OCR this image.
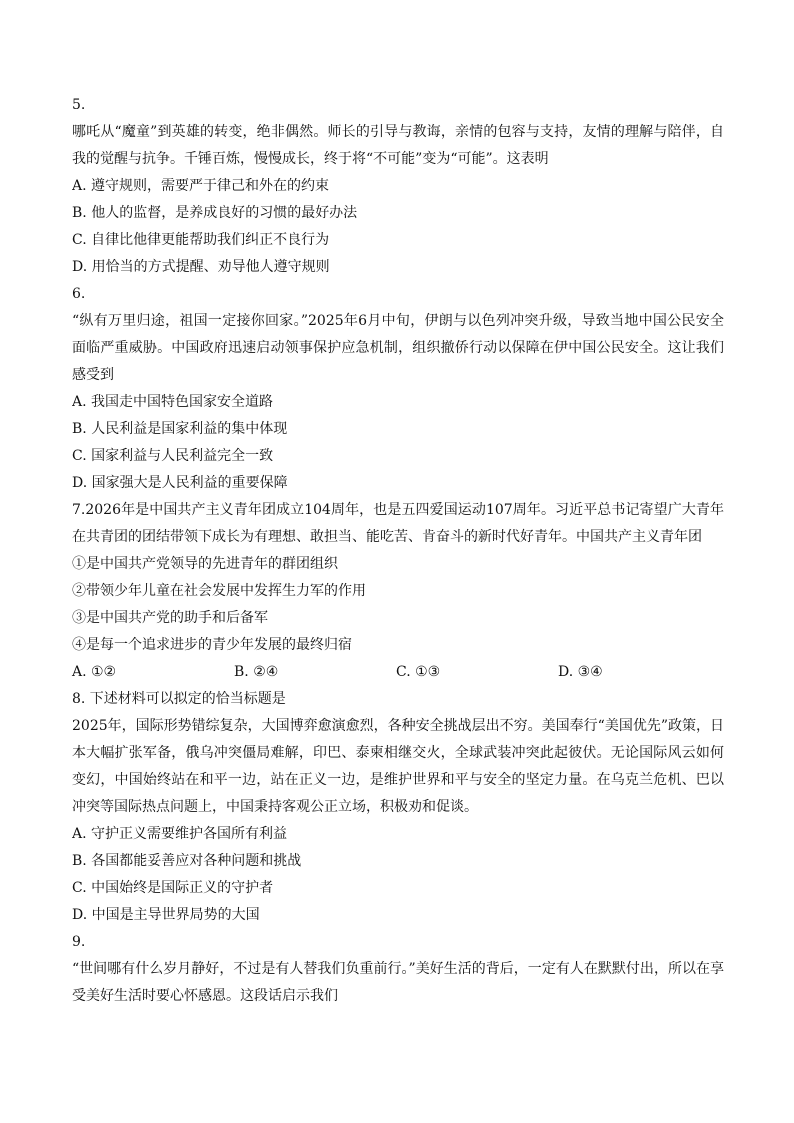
5.

哪吒从“魔童”到英雄的转变，绝非偶然。师长的引导与教诲，亲情的包容与支持，友情的理解与陪伴，自我的觉醒与抗争。千锤百炼，慢慢成长，终于将“不可能”变为“可能”。这表明

A. 遵守规则，需要严于律己和外在的约束
B. 他人的监督，是养成良好的习惯的最好办法
C. 自律比他律更能帮助我们纠正不良行为
D. 用恰当的方式提醒、劝导他人遵守规则
6.

“纵有万里归途，祖国一定接你回家。”2025年6月中旬，伊朗与以色列冲突升级，导致当地中国公民安全面临严重威胁。中国政府迅速启动领事保护应急机制，组织撤侨行动以保障在伊中国公民安全。这让我们感受到

A. 我国走中国特色国家安全道路
B. 人民利益是国家利益的集中体现
C. 国家利益与人民利益完全一致
D. 国家强大是人民利益的重要保障

7.2026年是中国共产主义青年团成立104周年，也是五四爱国运动107周年。习近平总书记寄望广大青年在共青团的团结带领下成长为有理想、敢担当、能吃苦、肯奋斗的新时代好青年。中国共产主义青年团

①是中国共产党领导的先进青年的群团组织
②带领少年儿童在社会发展中发挥生力军的作用
③是中国共产党的助手和后备军
④是每一个追求进步的青少年发展的最终归宿
A. ①②	B. ②④	C. ①③	D. ③④
8. 下述材料可以拟定的恰当标题是

2025年，国际形势错综复杂，大国博弈愈演愈烈，各种安全挑战层出不穷。美国奉行“美国优先”政策，日本大幅扩张军备，俄乌冲突僵局难解，印巴、泰柬相继交火，全球武装冲突此起彼伏。无论国际风云如何变幻，中国始终站在和平一边，站在正义一边，是维护世界和平与安全的坚定力量。在乌克兰危机、巴以冲突等国际热点问题上，中国秉持客观公正立场，积极劝和促谈。

A. 守护正义需要维护各国所有利益
B. 各国都能妥善应对各种问题和挑战
C. 中国始终是国际正义的守护者
D. 中国是主导世界局势的大国
9.

“世间哪有什么岁月静好，不过是有人替我们负重前行。”美好生活的背后，一定有人在默默付出，所以在享受美好生活时要心怀感恩。这段话启示我们
